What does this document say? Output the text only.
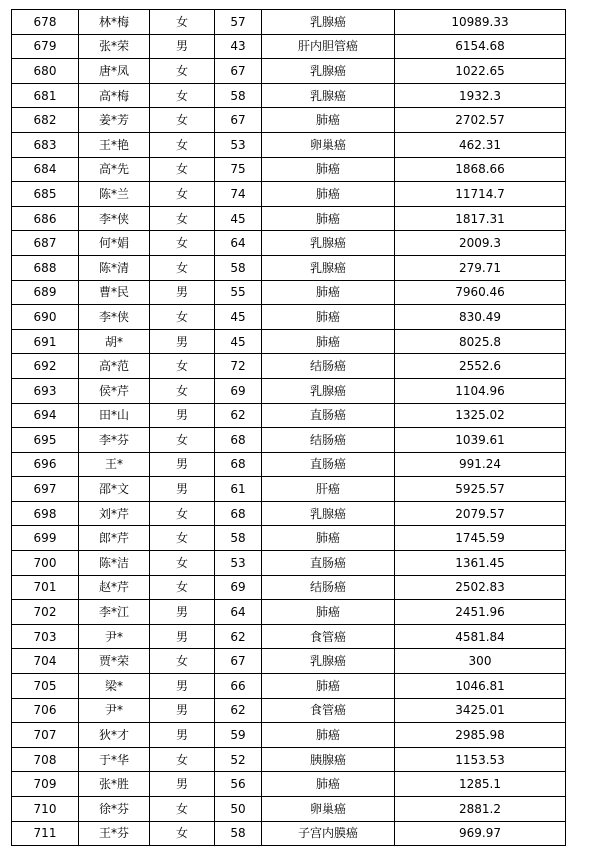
678	林*梅	女	57	乳腺癌	10989.33
679	张*荣	男	43	肝内胆管癌	6154.68
680	唐*凤	女	67	乳腺癌	1022.65
681	高*梅	女	58	乳腺癌	1932.3
682	姜*芳	女	67	肺癌	2702.57
683	王*艳	女	53	卵巢癌	462.31
684	高*先	女	75	肺癌	1868.66
685	陈*兰	女	74	肺癌	11714.7
686	李*侠	女	45	肺癌	1817.31
687	何*娟	女	64	乳腺癌	2009.3
688	陈*清	女	58	乳腺癌	279.71
689	曹*民	男	55	肺癌	7960.46
690	李*侠	女	45	肺癌	830.49
691	胡*	男	45	肺癌	8025.8
692	高*范	女	72	结肠癌	2552.6
693	侯*芹	女	69	乳腺癌	1104.96
694	田*山	男	62	直肠癌	1325.02
695	李*芬	女	68	结肠癌	1039.61
696	王*	男	68	直肠癌	991.24
697	邵*文	男	61	肝癌	5925.57
698	刘*芹	女	68	乳腺癌	2079.57
699	郎*芹	女	58	肺癌	1745.59
700	陈*洁	女	53	直肠癌	1361.45
701	赵*芹	女	69	结肠癌	2502.83
702	李*江	男	64	肺癌	2451.96
703	尹*	男	62	食管癌	4581.84
704	贾*荣	女	67	乳腺癌	300
705	梁*	男	66	肺癌	1046.81
706	尹*	男	62	食管癌	3425.01
707	狄*才	男	59	肺癌	2985.98
708	于*华	女	52	胰腺癌	1153.53
709	张*胜	男	56	肺癌	1285.1
710	徐*芬	女	50	卵巢癌	2881.2
711	王*芬	女	58	子宫内膜癌	969.97
